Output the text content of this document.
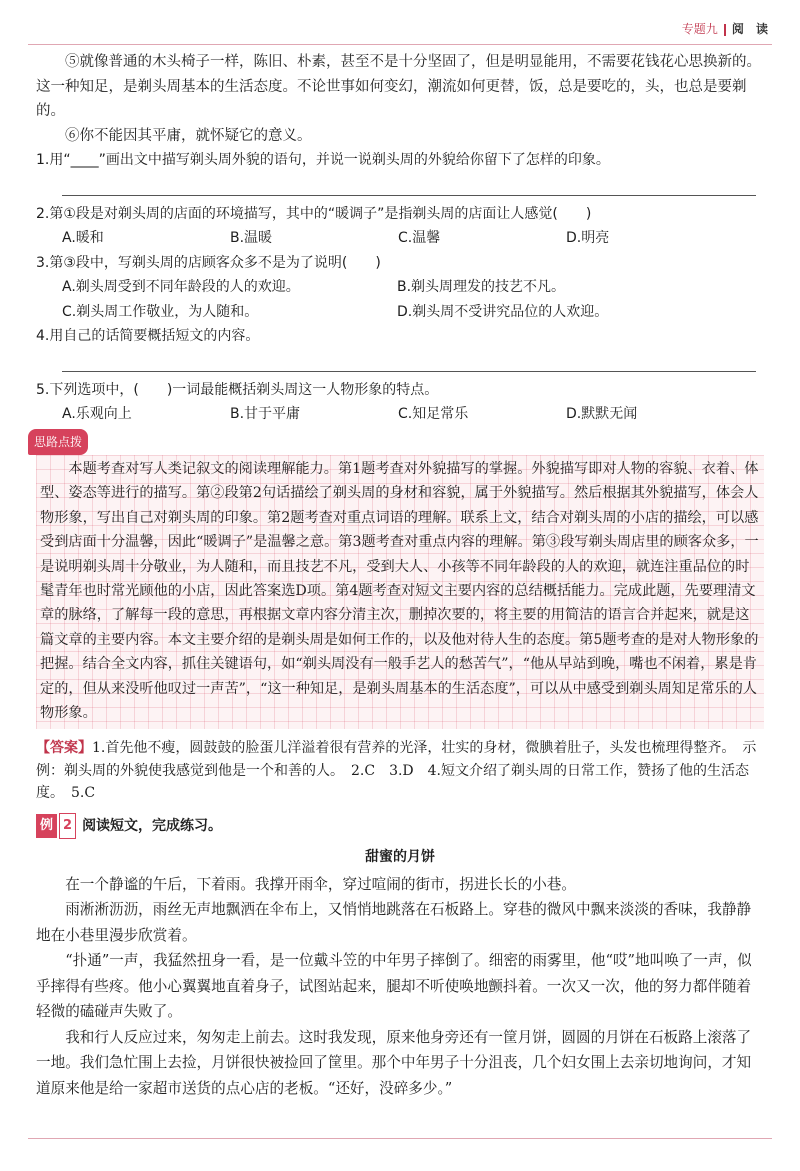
专题九 阅 读

⑤就像普通的木头椅子一样，陈旧、朴素，甚至不是十分坚固了，但是明显能用，不需要花钱花心思换新的。这一种知足，是剃头周基本的生活态度。不论世事如何变幻，潮流如何更替，饭，总是要吃的，头，也总是要剃的。

⑥你不能因其平庸，就怀疑它的意义。

1.用“____”画出文中描写剃头周外貌的语句，并说一说剃头周的外貌给你留下了怎样的印象。

2.第①段是对剃头周的店面的环境描写，其中的“暖调子”是指剃头周的店面让人感觉(　　)

A.暖和	B.温暖	C.温馨	D.明亮

3.第③段中，写剃头周的店顾客众多不是为了说明(　　)

A.剃头周受到不同年龄段的人的欢迎。	B.剃头周理发的技艺不凡。
C.剃头周工作敬业，为人随和。	D.剃头周不受讲究品位的人欢迎。

4.用自己的话简要概括短文的内容。

5.下列选项中，(　　)一词最能概括剃头周这一人物形象的特点。

A.乐观向上	B.甘于平庸	C.知足常乐	D.默默无闻
思路点拨

本题考查对写人类记叙文的阅读理解能力。第1题考查对外貌描写的掌握。外貌描写即对人物的容貌、衣着、体型、姿态等进行的描写。第②段第2句话描绘了剃头周的身材和容貌，属于外貌描写。然后根据其外貌描写，体会人物形象，写出自己对剃头周的印象。第2题考查对重点词语的理解。联系上文，结合对剃头周的小店的描绘，可以感受到店面十分温馨，因此“暖调子”是温馨之意。第3题考查对重点内容的理解。第③段写剃头周店里的顾客众多，一是说明剃头周十分敬业，为人随和，而且技艺不凡，受到大人、小孩等不同年龄段的人的欢迎，就连注重品位的时髦青年也时常光顾他的小店，因此答案选D项。第4题考查对短文主要内容的总结概括能力。完成此题，先要理清文章的脉络，了解每一段的意思，再根据文章内容分清主次，删掉次要的，将主要的用简洁的语言合并起来，就是这篇文章的主要内容。本文主要介绍的是剃头周是如何工作的，以及他对待人生的态度。第5题考查的是对人物形象的把握。结合全文内容，抓住关键语句，如“剃头周没有一般手艺人的愁苦气”，“他从早站到晚，嘴也不闲着，累是肯定的，但从来没听他叹过一声苦”，“这一种知足，是剃头周基本的生活态度”，可以从中感受到剃头周知足常乐的人物形象。

【答案】1.首先他不瘦，圆鼓鼓的脸蛋儿洋溢着很有营养的光泽，壮实的身材，微腆着肚子，头发也梳理得整齐。　示例：剃头周的外貌使我感觉到他是一个和善的人。　2.C　3.D　4.短文介绍了剃头周的日常工作，赞扬了他的生活态度。　5.C
例 2 阅读短文，完成练习。
甜蜜的月饼

在一个静谧的午后，下着雨。我撑开雨伞，穿过喧闹的街市，拐进长长的小巷。

雨淅淅沥沥，雨丝无声地飘洒在伞布上，又悄悄地跳落在石板路上。穿巷的微风中飘来淡淡的香味，我静静地在小巷里漫步欣赏着。

“扑通”一声，我猛然扭身一看，是一位戴斗笠的中年男子摔倒了。细密的雨雾里，他“哎”地叫唤了一声，似乎摔得有些疼。他小心翼翼地直着身子，试图站起来，腿却不听使唤地颤抖着。一次又一次，他的努力都伴随着轻微的磕碰声失败了。

我和行人反应过来，匆匆走上前去。这时我发现，原来他身旁还有一筐月饼，圆圆的月饼在石板路上滚落了一地。我们急忙围上去捡，月饼很快被捡回了筐里。那个中年男子十分沮丧，几个妇女围上去亲切地询问，才知道原来他是给一家超市送货的点心店的老板。“还好，没碎多少。”
